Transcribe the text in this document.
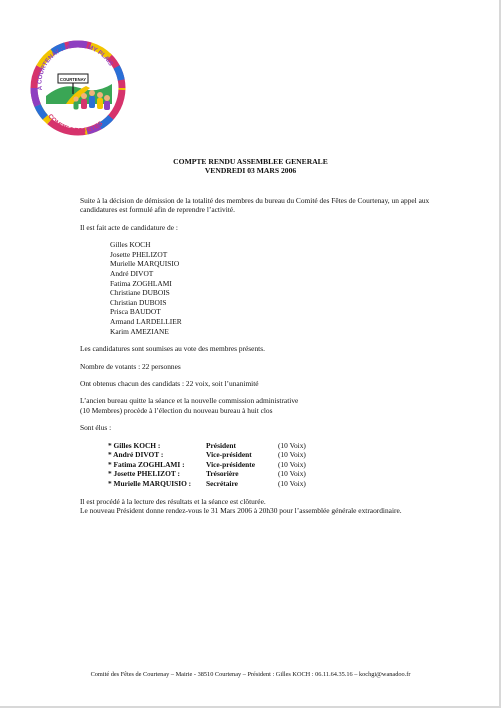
COURTENAY
A COURTENAY : MOI JE MY PLAIS
COMITE DES FETES
COMPTE RENDU ASSEMBLEE GENERALE
VENDREDI 03 MARS 2006

Suite à la décision de démission de la totalité des membres du bureau du Comité des Fêtes de Courtenay, un appel aux candidatures est formulé afin de reprendre l’activité.

Il est fait acte de candidature de :

Gilles KOCH
Josette PHELIZOT
Murielle MARQUISIO
André DIVOT
Fatima ZOGHLAMI
Christiane DUBOIS
Christian DUBOIS
Prisca BAUDOT
Armand LARDELLIER
Karim AMEZIANE

Les candidatures sont soumises au vote des membres présents.

Nombre de votants : 22 personnes

Ont obtenus chacun des candidats : 22 voix, soit l’unanimité

L’ancien bureau quitte la séance et la nouvelle commission administrative
(10 Membres) procède à l’élection du nouveau bureau à huit clos

Sont élus :

* Gilles KOCH :	Président	(10 Voix)
* André DIVOT :	Vice-président	(10 Voix)
* Fatima ZOGHLAMI :	Vice-présidente	(10 Voix)
* Josette PHELIZOT :	Trésorière	(10 Voix)
* Murielle MARQUISIO :	Secrétaire	(10 Voix)

Il est procédé à la lecture des résultats et la séance est clôturée.
Le nouveau Président donne rendez-vous le 31 Mars 2006 à 20h30 pour l’assemblée générale extraordinaire.

Comité des Fêtes de Courtenay – Mairie - 38510 Courtenay – Président : Gilles KOCH : 06.11.64.35.16 – kochgi@wanadoo.fr
